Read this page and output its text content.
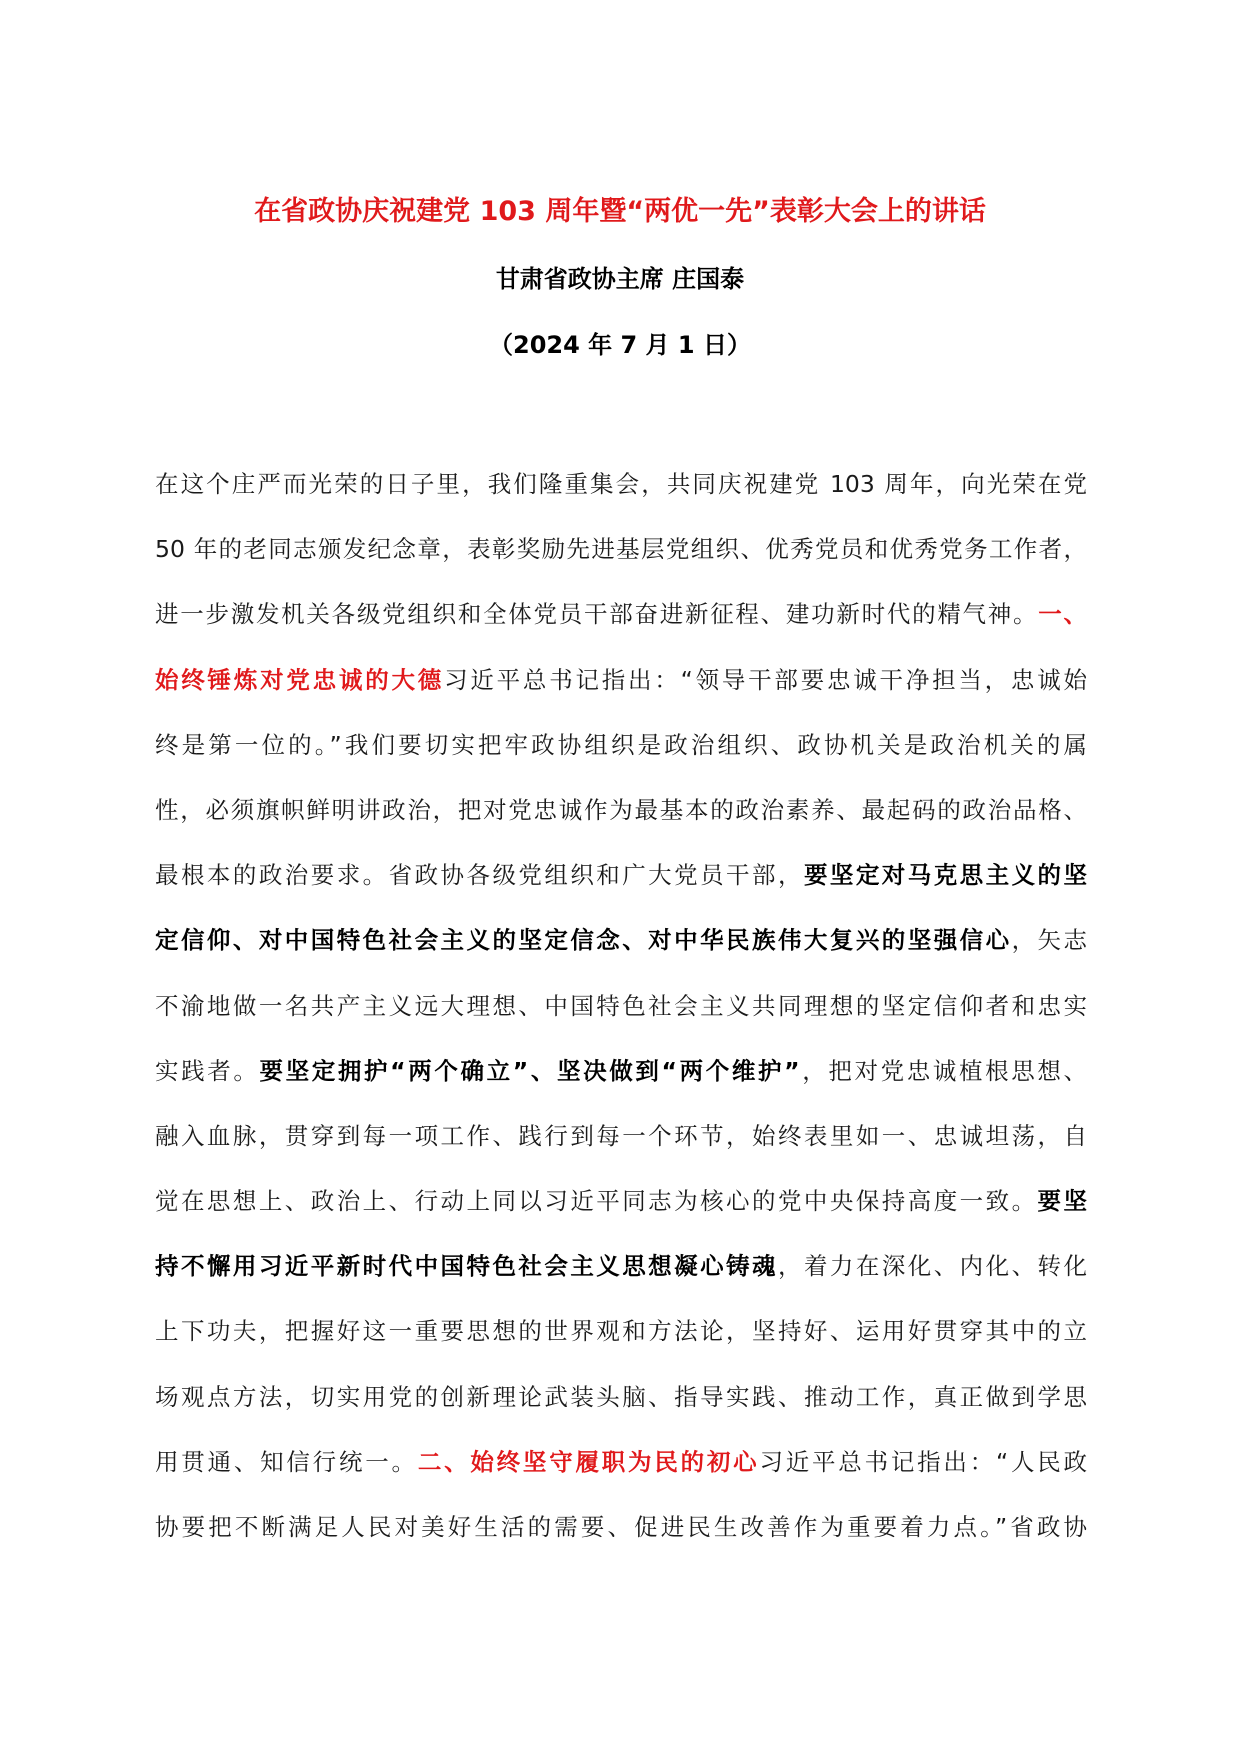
在省政协庆祝建党 103 周年暨“两优一先”表彰大会上的讲话
甘肃省政协主席 庄国泰
（2024 年 7 月 1 日）
在这个庄严而光荣的日子里，我们隆重集会，共同庆祝建党 103 周年，向光荣在党
50 年的老同志颁发纪念章，表彰奖励先进基层党组织、优秀党员和优秀党务工作者，
进一步激发机关各级党组织和全体党员干部奋进新征程、建功新时代的精气神。一、
始终锤炼对党忠诚的大德习近平总书记指出：“领导干部要忠诚干净担当，忠诚始
终是第一位的。”我们要切实把牢政协组织是政治组织、政协机关是政治机关的属
性，必须旗帜鲜明讲政治，把对党忠诚作为最基本的政治素养、最起码的政治品格、
最根本的政治要求。省政协各级党组织和广大党员干部，要坚定对马克思主义的坚
定信仰、对中国特色社会主义的坚定信念、对中华民族伟大复兴的坚强信心，矢志
不渝地做一名共产主义远大理想、中国特色社会主义共同理想的坚定信仰者和忠实
实践者。要坚定拥护“两个确立”、坚决做到“两个维护”，把对党忠诚植根思想、
融入血脉，贯穿到每一项工作、践行到每一个环节，始终表里如一、忠诚坦荡，自
觉在思想上、政治上、行动上同以习近平同志为核心的党中央保持高度一致。要坚
持不懈用习近平新时代中国特色社会主义思想凝心铸魂，着力在深化、内化、转化
上下功夫，把握好这一重要思想的世界观和方法论，坚持好、运用好贯穿其中的立
场观点方法，切实用党的创新理论武装头脑、指导实践、推动工作，真正做到学思
用贯通、知信行统一。二、始终坚守履职为民的初心习近平总书记指出：“人民政
协要把不断满足人民对美好生活的需要、促进民生改善作为重要着力点。”省政协
